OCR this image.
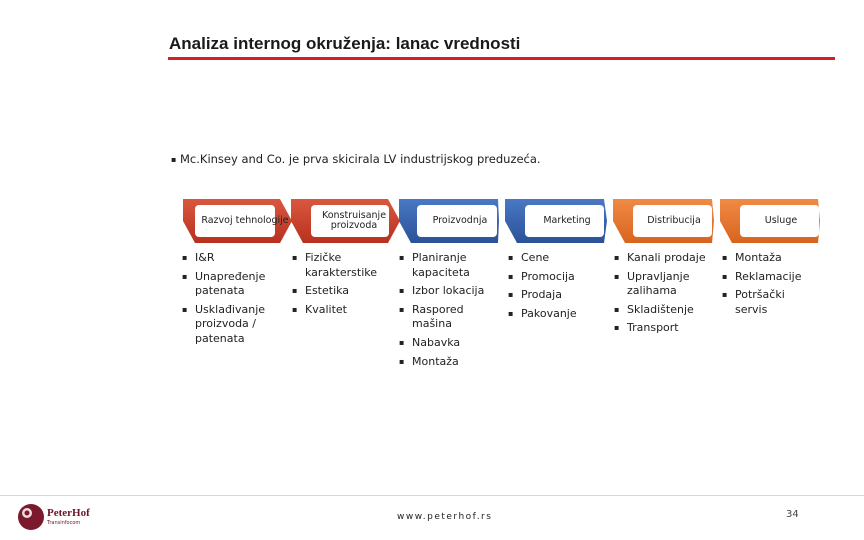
Analiza internog okruženja: lanac vrednosti
▪ Mc.Kinsey and Co. je prva skicirala LV industrijskog preduzeća.
Razvoj tehnologije	Konstruisanje proizvoda	Proizvodnja	Marketing	Distribucija	Usluge
▪ I&R
▪ Unapređenje patenata
▪ Usklađivanje proizvoda / patenata
▪ Fizičke karakterstike
▪ Estetika
▪ Kvalitet
▪ Planiranje kapaciteta
▪ Izbor lokacija
▪ Raspored mašina
▪ Nabavka
▪ Montaža
▪ Cene
▪ Promocija
▪ Prodaja
▪ Pakovanje
▪ Kanali prodaje
▪ Upravljanje zalihama
▪ Skladištenje
▪ Transport
▪ Montaža
▪ Reklamacije
▪ Potršački servis
PeterHof
Transinfocom
www.peterhof.rs	34
